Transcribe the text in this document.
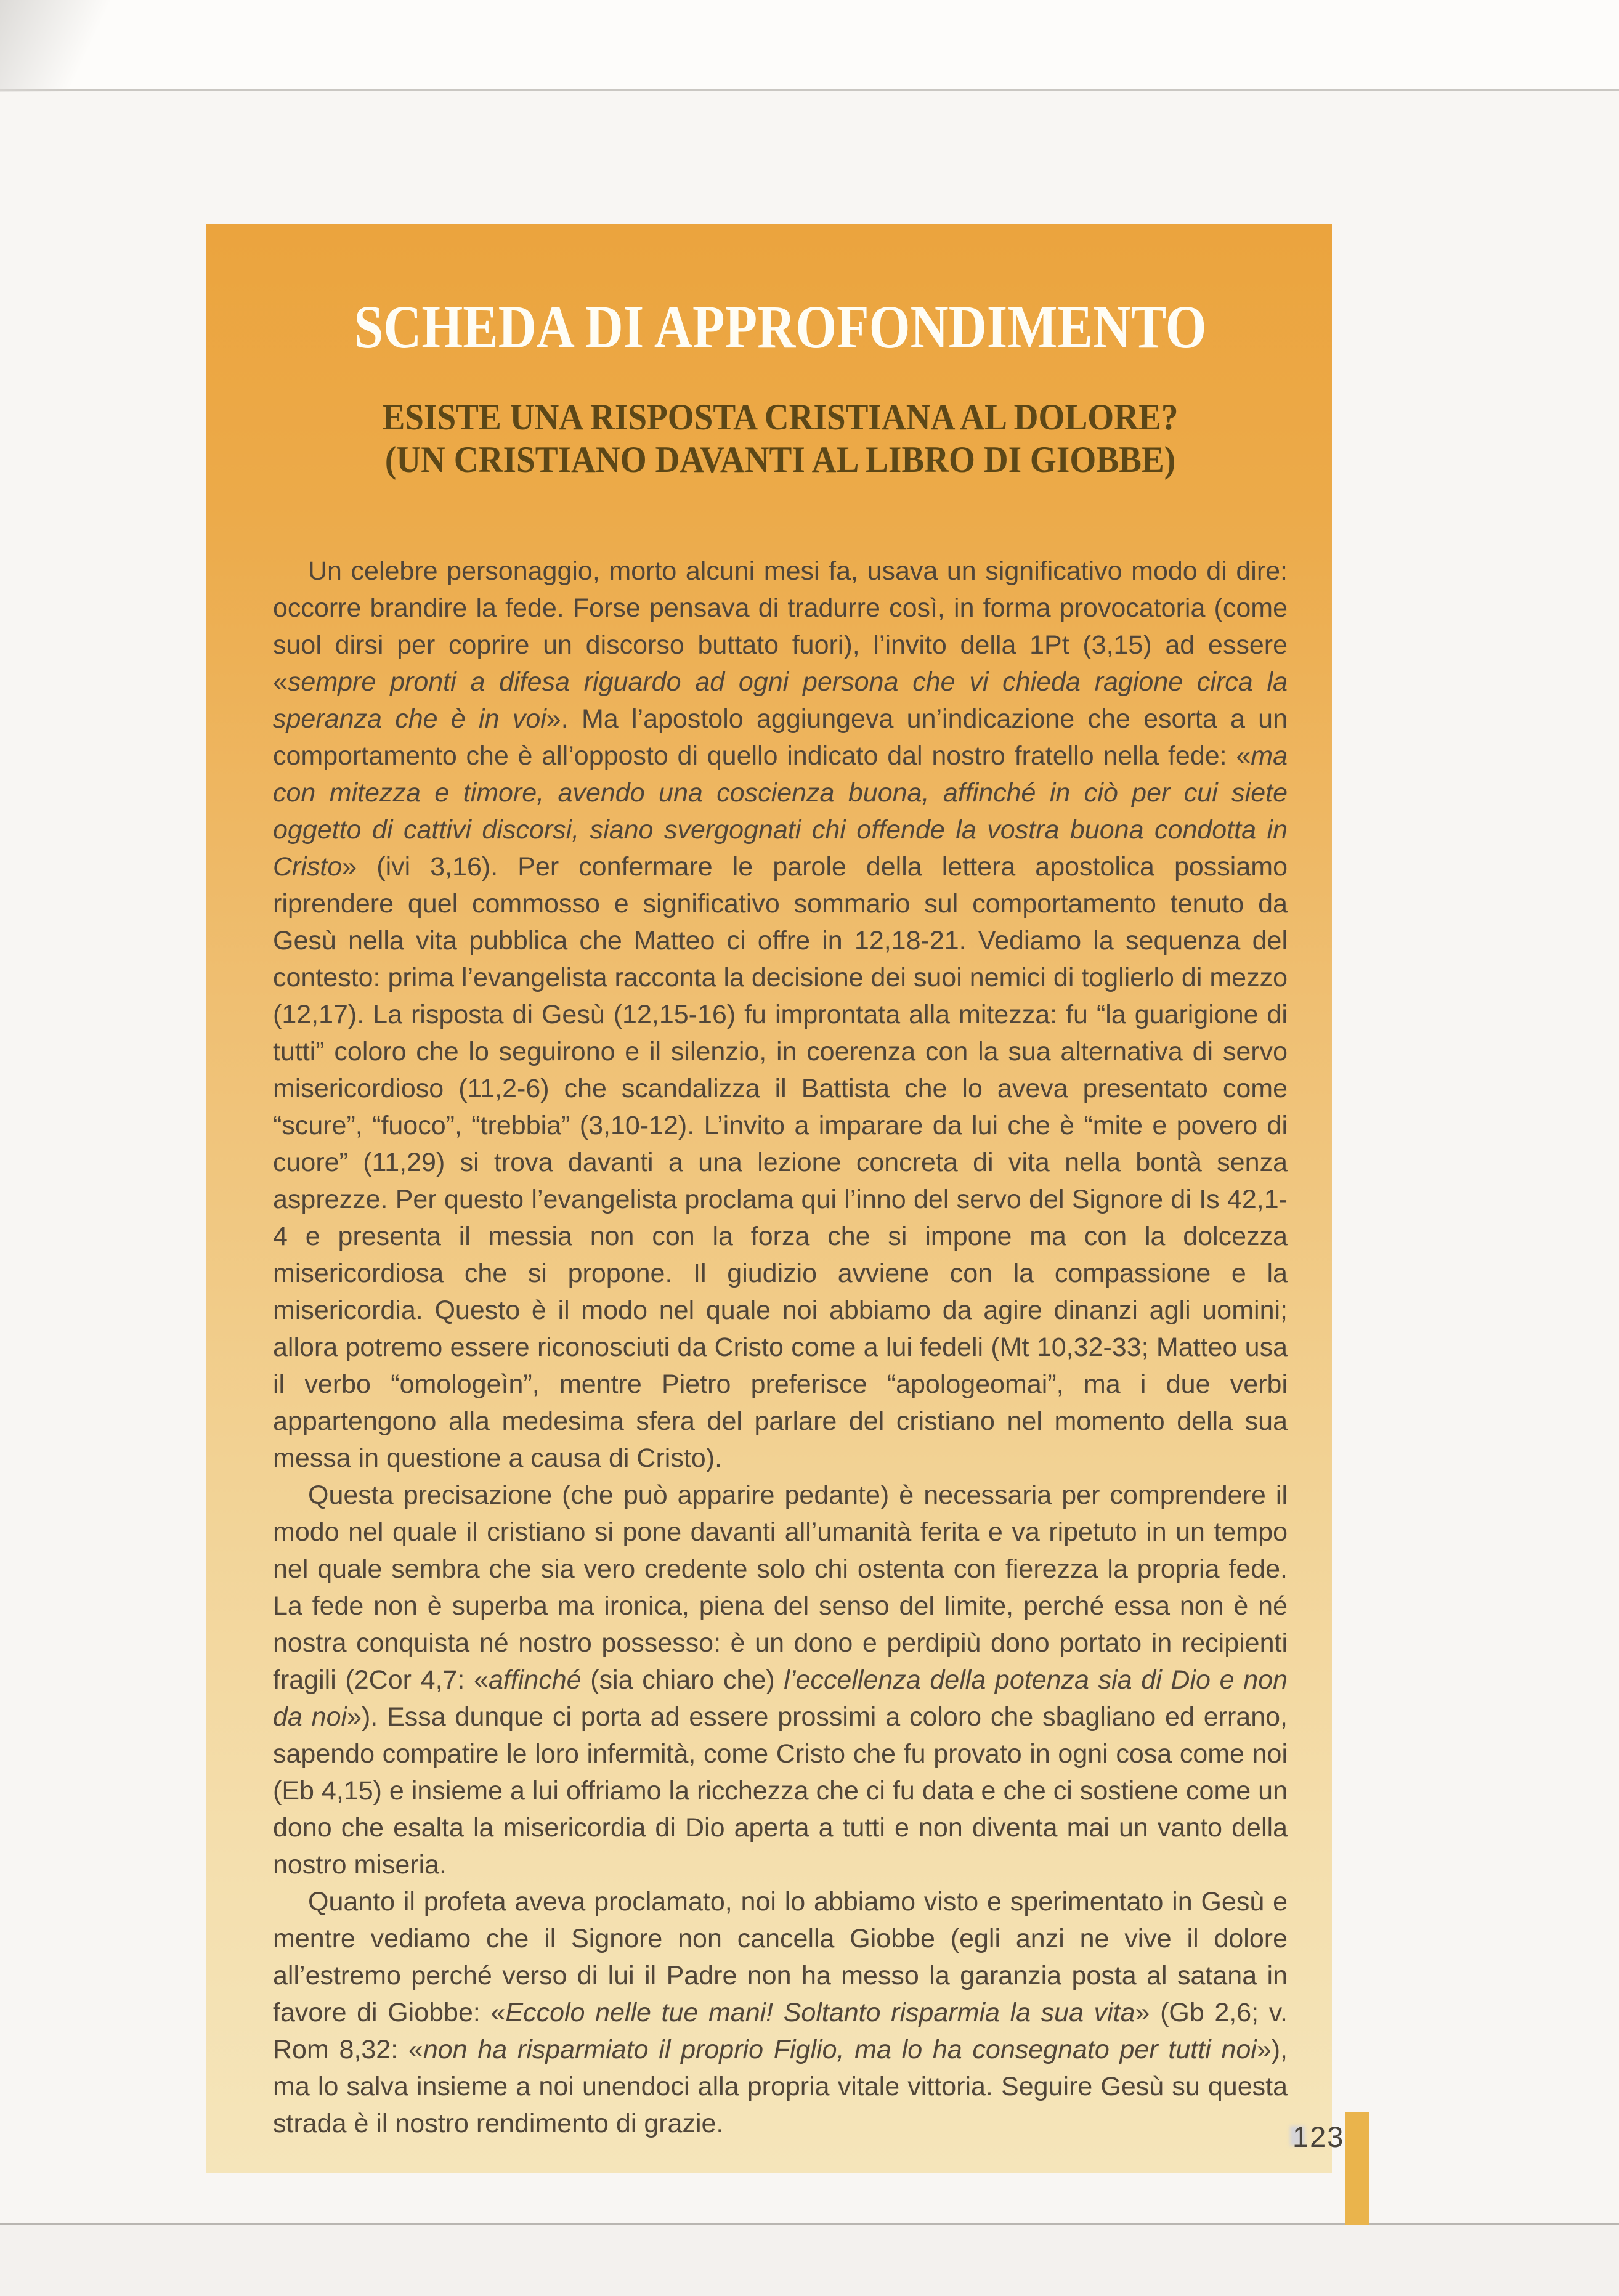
SCHEDA DI APPROFONDIMENTO
ESISTE UNA RISPOSTA CRISTIANA AL DOLORE?
(UN CRISTIANO DAVANTI AL LIBRO DI GIOBBE)

Un celebre personaggio, morto alcuni mesi fa, usava un significativo modo di dire: occorre brandire la fede. Forse pensava di tradurre così, in forma provocatoria (come suol dirsi per coprire un discorso buttato fuori), l’invito della 1Pt (3,15) ad essere «sempre pronti a difesa riguardo ad ogni persona che vi chieda ragione circa la speranza che è in voi». Ma l’apostolo aggiungeva un’indicazione che esorta a un comportamento che è all’opposto di quello indicato dal nostro fratello nella fede: «ma con mitezza e timore, avendo una coscienza buona, affinché in ciò per cui siete oggetto di cattivi discorsi, siano svergognati chi offende la vostra buona condotta in Cristo» (ivi 3,16). Per confermare le parole della lettera apostolica possiamo riprendere quel commosso e significativo sommario sul comportamento tenuto da Gesù nella vita pubblica che Matteo ci offre in 12,18-21. Vediamo la sequenza del contesto: prima l’evangelista racconta la decisione dei suoi nemici di toglierlo di mezzo (12,17). La risposta di Gesù (12,15-16) fu improntata alla mitezza: fu “la guarigione di tutti” coloro che lo seguirono e il silenzio, in coerenza con la sua alternativa di servo misericordioso (11,2-6) che scandalizza il Battista che lo aveva presentato come “scure”, “fuoco”, “trebbia” (3,10-12). L’invito a imparare da lui che è “mite e povero di cuore” (11,29) si trova davanti a una lezione concreta di vita nella bontà senza asprezze. Per questo l’evangelista proclama qui l’inno del servo del Signore di Is 42,1-4 e presenta il messia non con la forza che si impone ma con la dolcezza misericordiosa che si propone. Il giudizio avviene con la compassione e la misericordia. Questo è il modo nel quale noi abbiamo da agire dinanzi agli uomini; allora potremo essere riconosciuti da Cristo come a lui fedeli (Mt 10,32-33; Matteo usa il verbo “omologeìn”, mentre Pietro preferisce “apologeomai”, ma i due verbi appartengono alla medesima sfera del parlare del cristiano nel momento della sua messa in questione a causa di Cristo).

Questa precisazione (che può apparire pedante) è necessaria per comprendere il modo nel quale il cristiano si pone davanti all’umanità ferita e va ripetuto in un tempo nel quale sembra che sia vero credente solo chi ostenta con fierezza la propria fede. La fede non è superba ma ironica, piena del senso del limite, perché essa non è né nostra conquista né nostro possesso: è un dono e perdipiù dono portato in recipienti fragili (2Cor 4,7: «affinché (sia chiaro che) l’eccellenza della potenza sia di Dio e non da noi»). Essa dunque ci porta ad essere prossimi a coloro che sbagliano ed errano, sapendo compatire le loro infermità, come Cristo che fu provato in ogni cosa come noi (Eb 4,15) e insieme a lui offriamo la ricchezza che ci fu data e che ci sostiene come un dono che esalta la misericordia di Dio aperta a tutti e non diventa mai un vanto della nostro miseria.

Quanto il profeta aveva proclamato, noi lo abbiamo visto e sperimentato in Gesù e mentre vediamo che il Signore non cancella Giobbe (egli anzi ne vive il dolore all’estremo perché verso di lui il Padre non ha messo la garanzia posta al satana in favore di Giobbe: «Eccolo nelle tue mani! Soltanto risparmia la sua vita» (Gb 2,6; v. Rom 8,32: «non ha risparmiato il proprio Figlio, ma lo ha consegnato per tutti noi»), ma lo salva insieme a noi unendoci alla propria vitale vittoria. Seguire Gesù su questa strada è il nostro rendimento di grazie.	123
